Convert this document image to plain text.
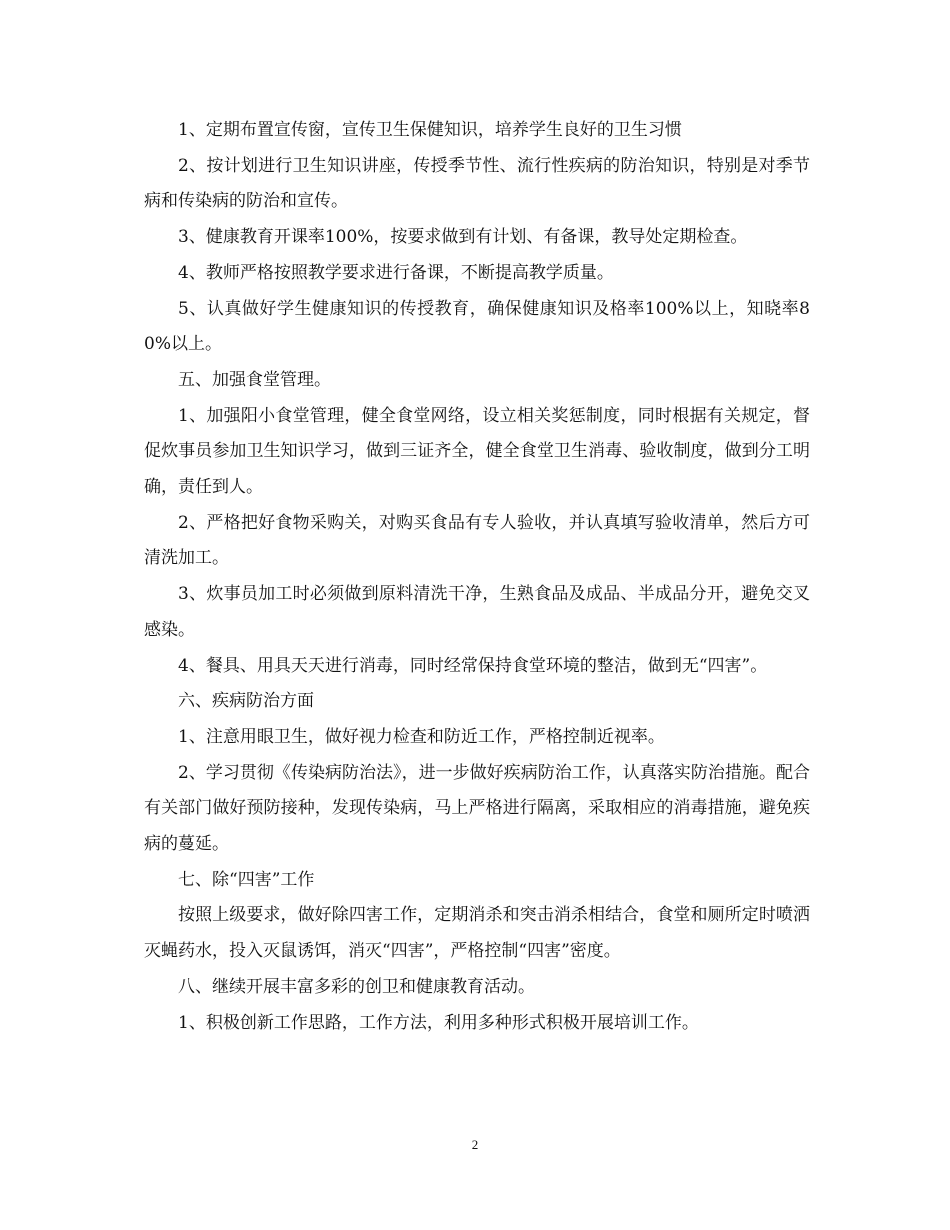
1、定期布置宣传窗，宣传卫生保健知识，培养学生良好的卫生习惯

2、按计划进行卫生知识讲座，传授季节性、流行性疾病的防治知识，特别是对季节病和传染病的防治和宣传。

3、健康教育开课率100%，按要求做到有计划、有备课，教导处定期检查。

4、教师严格按照教学要求进行备课，不断提高教学质量。

5、认真做好学生健康知识的传授教育，确保健康知识及格率100%以上，知晓率80%以上。

五、加强食堂管理。

1、加强阳小食堂管理，健全食堂网络，设立相关奖惩制度，同时根据有关规定，督促炊事员参加卫生知识学习，做到三证齐全，健全食堂卫生消毒、验收制度，做到分工明确，责任到人。

2、严格把好食物采购关，对购买食品有专人验收，并认真填写验收清单，然后方可清洗加工。

3、炊事员加工时必须做到原料清洗干净，生熟食品及成品、半成品分开，避免交叉感染。

4、餐具、用具天天进行消毒，同时经常保持食堂环境的整洁，做到无“四害”。

六、疾病防治方面

1、注意用眼卫生，做好视力检查和防近工作，严格控制近视率。

2、学习贯彻《传染病防治法》，进一步做好疾病防治工作，认真落实防治措施。配合有关部门做好预防接种，发现传染病，马上严格进行隔离，采取相应的消毒措施，避免疾病的蔓延。

七、除“四害”工作

按照上级要求，做好除四害工作，定期消杀和突击消杀相结合，食堂和厕所定时喷洒灭蝇药水，投入灭鼠诱饵，消灭“四害”，严格控制“四害”密度。

八、继续开展丰富多彩的创卫和健康教育活动。

1、积极创新工作思路，工作方法，利用多种形式积极开展培训工作。

2
